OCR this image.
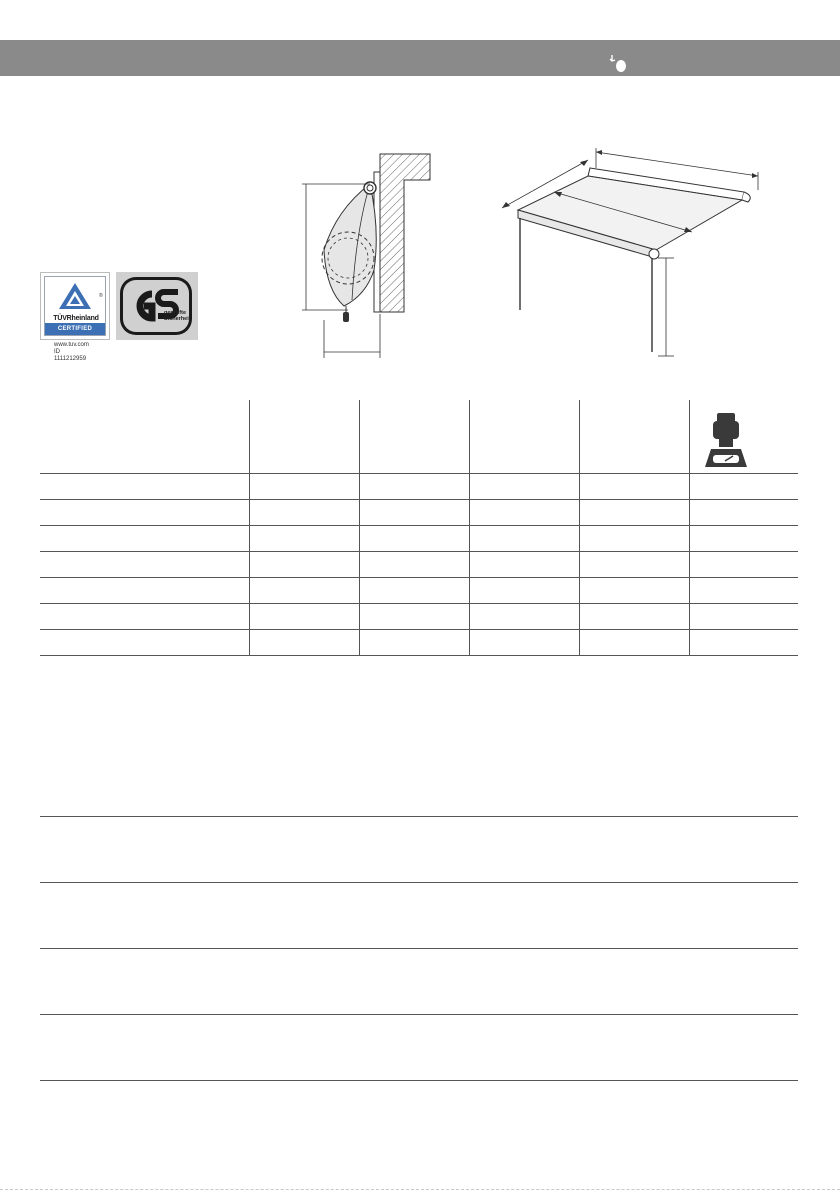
®
TÜVRheinland
CERTIFIED
geprüfte
Sicherheit
www.tuv.com
ID 1111212959
